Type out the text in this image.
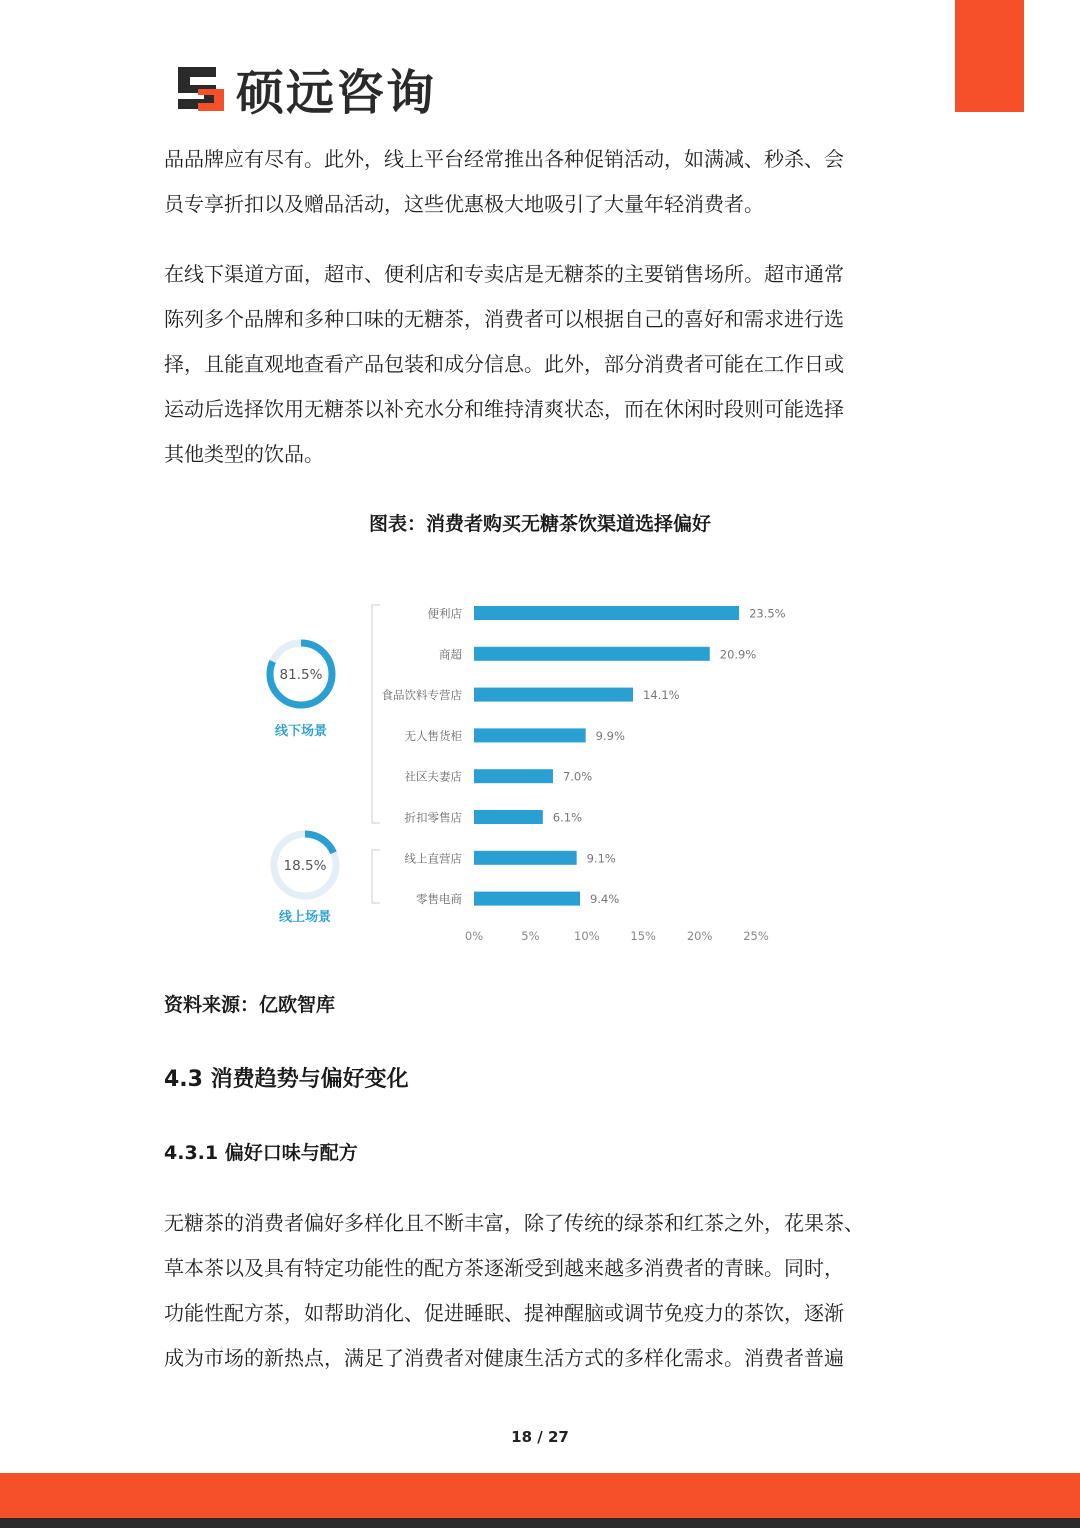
硕远咨询

品品牌应有尽有。此外，线上平台经常推出各种促销活动，如满减、秒杀、会
员专享折扣以及赠品活动，这些优惠极大地吸引了大量年轻消费者。

在线下渠道方面，超市、便利店和专卖店是无糖茶的主要销售场所。超市通常
陈列多个品牌和多种口味的无糖茶，消费者可以根据自己的喜好和需求进行选
择，且能直观地查看产品包装和成分信息。此外，部分消费者可能在工作日或
运动后选择饮用无糖茶以补充水分和维持清爽状态，而在休闲时段则可能选择
其他类型的饮品。

图表：消费者购买无糖茶饮渠道选择偏好
便利店	23.5%
商超	20.9%
食品饮料专营店	14.1%
无人售货柜	9.9%
社区夫妻店	7.0%
折扣零售店	6.1%
线上直营店	9.1%
零售电商	9.4%
0%	5%	10%	15%	20%	25%
81.5%
线下场景
18.5%
线上场景
资料来源：亿欧智库
4.3 消费趋势与偏好变化
4.3.1 偏好口味与配方

无糖茶的消费者偏好多样化且不断丰富，除了传统的绿茶和红茶之外，花果茶、
草本茶以及具有特定功能性的配方茶逐渐受到越来越多消费者的青睐。同时，
功能性配方茶，如帮助消化、促进睡眠、提神醒脑或调节免疫力的茶饮，逐渐
成为市场的新热点，满足了消费者对健康生活方式的多样化需求。消费者普遍

18 / 27
